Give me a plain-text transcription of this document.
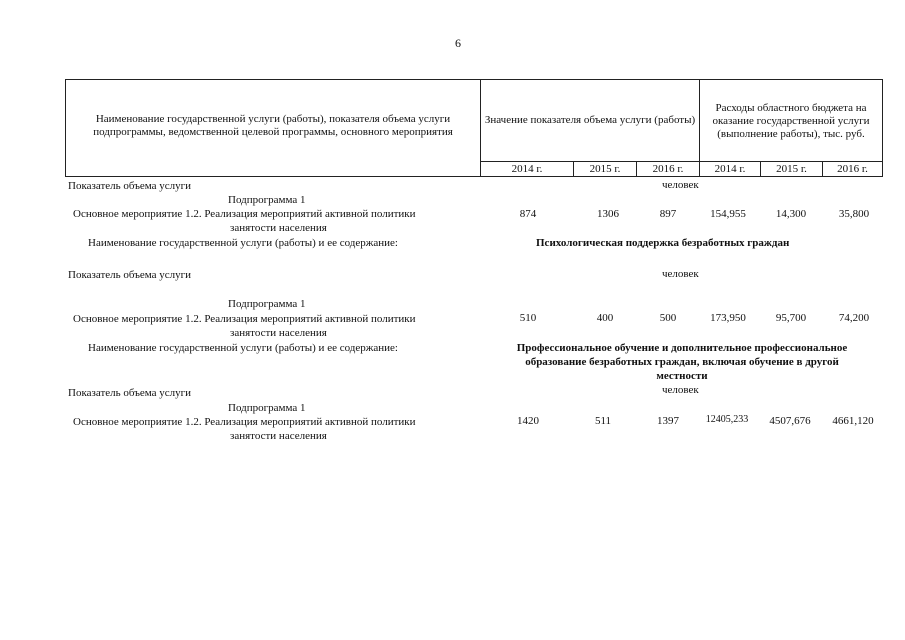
6
Наименование государственной услуги (работы), показателя объема услуги подпрограммы, ведомственной целевой программы, основного мероприятия
Значение показателя объема услуги (работы)
Расходы областного бюджета на оказание государственной услуги (выполнение работы), тыс. руб.
2014 г.	2015 г.	2016 г.	2014 г.	2015 г.	2016 г.
Показатель объема услуги	человек
Подпрограмма 1
Основное мероприятие 1.2. Реализация мероприятий активной политики
занятости населения
874	1306	897	154,955	14,300	35,800
Наименование государственной услуги (работы) и ее содержание:	Психологическая поддержка безработных граждан
Показатель объема услуги	человек
Подпрограмма 1
Основное мероприятие 1.2. Реализация мероприятий активной политики
занятости населения
510	400	500	173,950	95,700	74,200
Наименование государственной услуги (работы) и ее содержание:	Профессиональное обучение и дополнительное профессиональное
образование безработных граждан, включая обучение в другой
местности
Показатель объема услуги	человек
Подпрограмма 1
Основное мероприятие 1.2. Реализация мероприятий активной политики
занятости населения
1420	511	1397	12405,233	4507,676	4661,120
